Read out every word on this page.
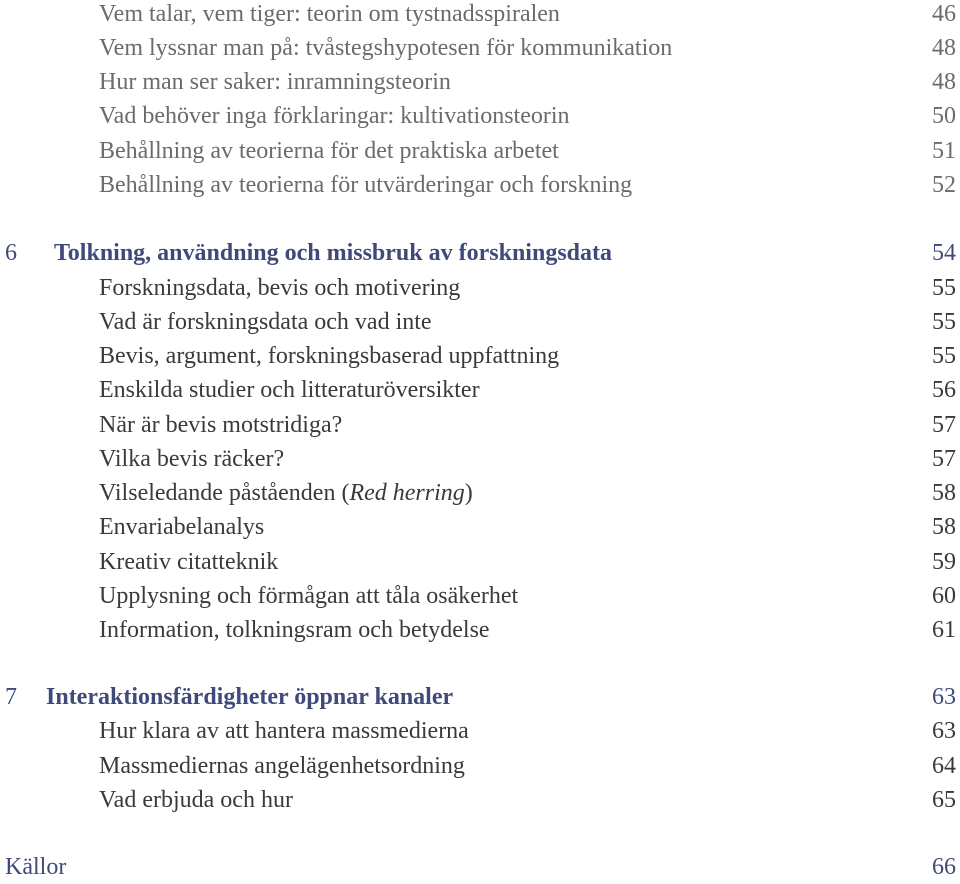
Vem talar, vem tiger: teorin om tystnadsspiralen	46
Vem lyssnar man på: tvåstegshypotesen för kommunikation	48
Hur man ser saker: inramningsteorin	48
Vad behöver inga förklaringar: kultivationsteorin	50
Behållning av teorierna för det praktiska arbetet	51
Behållning av teorierna för utvärderingar och forskning	52
6 Tolkning, användning och missbruk av forskningsdata	54
Forskningsdata, bevis och motivering	55
Vad är forskningsdata och vad inte	55
Bevis, argument, forskningsbaserad uppfattning	55
Enskilda studier och litteraturöversikter	56
När är bevis motstridiga?	57
Vilka bevis räcker?	57
Vilseledande påståenden (Red herring)	58
Envariabelanalys	58
Kreativ citatteknik	59
Upplysning och förmågan att tåla osäkerhet	60
Information, tolkningsram och betydelse	61
7 Interaktionsfärdigheter öppnar kanaler	63
Hur klara av att hantera massmedierna	63
Massmediernas angelägenhetsordning	64
Vad erbjuda och hur	65
Källor	66
